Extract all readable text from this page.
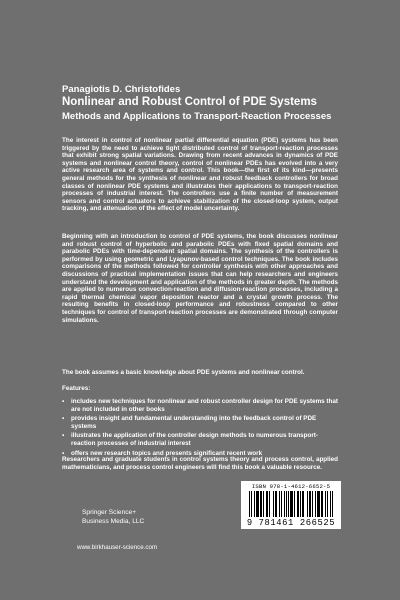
Panagiotis D. Christofides
Nonlinear and Robust Control of PDE Systems
Methods and Applications to Transport-Reaction Processes

The interest in control of nonlinear partial differential equation (PDE) systems has been triggered by the need to achieve tight distributed control of transport-reaction processes that exhibit strong spatial variations. Drawing from recent advances in dynamics of PDE systems and nonlinear control theory, control of nonlinear PDEs has evolved into a very active research area of systems and control. This book—the first of its kind—presents general methods for the synthesis of nonlinear and robust feedback controllers for broad classes of nonlinear PDE systems and illustrates their applications to transport-reaction processes of industrial interest. The controllers use a finite number of measurement sensors and control actuators to achieve stabilization of the closed-loop system, output tracking, and attenuation of the effect of model uncertainty.

Beginning with an introduction to control of PDE systems, the book discusses nonlinear and robust control of hyperbolic and parabolic PDEs with fixed spatial domains and parabolic PDEs with time-dependent spatial domains. The synthesis of the controllers is performed by using geometric and Lyapunov-based control techniques. The book includes comparisons of the methods followed for controller synthesis with other approaches and discussions of practical implementation issues that can help researchers and engineers understand the development and application of the methods in greater depth. The methods are applied to numerous convection-reaction and diffusion-reaction processes, including a rapid thermal chemical vapor deposition reactor and a crystal growth process. The resulting benefits in closed-loop performance and robustness compared to other techniques for control of transport-reaction processes are demonstrated through computer simulations.

The book assumes a basic knowledge about PDE systems and nonlinear control.

Features:

▪ includes new techniques for nonlinear and robust controller design for PDE systems that are not included in other books
▪ provides insight and fundamental understanding into the feedback control of PDE systems
▪ illustrates the application of the controller design methods to numerous transport-reaction processes of industrial interest
▪ offers new research topics and presents significant recent work

Researchers and graduate students in control systems theory and process control, applied mathematicians, and process control engineers will find this book a valuable resource.

Springer Science+
Business Media, LLC
www.birkhauser-science.com
ISBN 978-1-4612-6652-5
9 781461 266525
